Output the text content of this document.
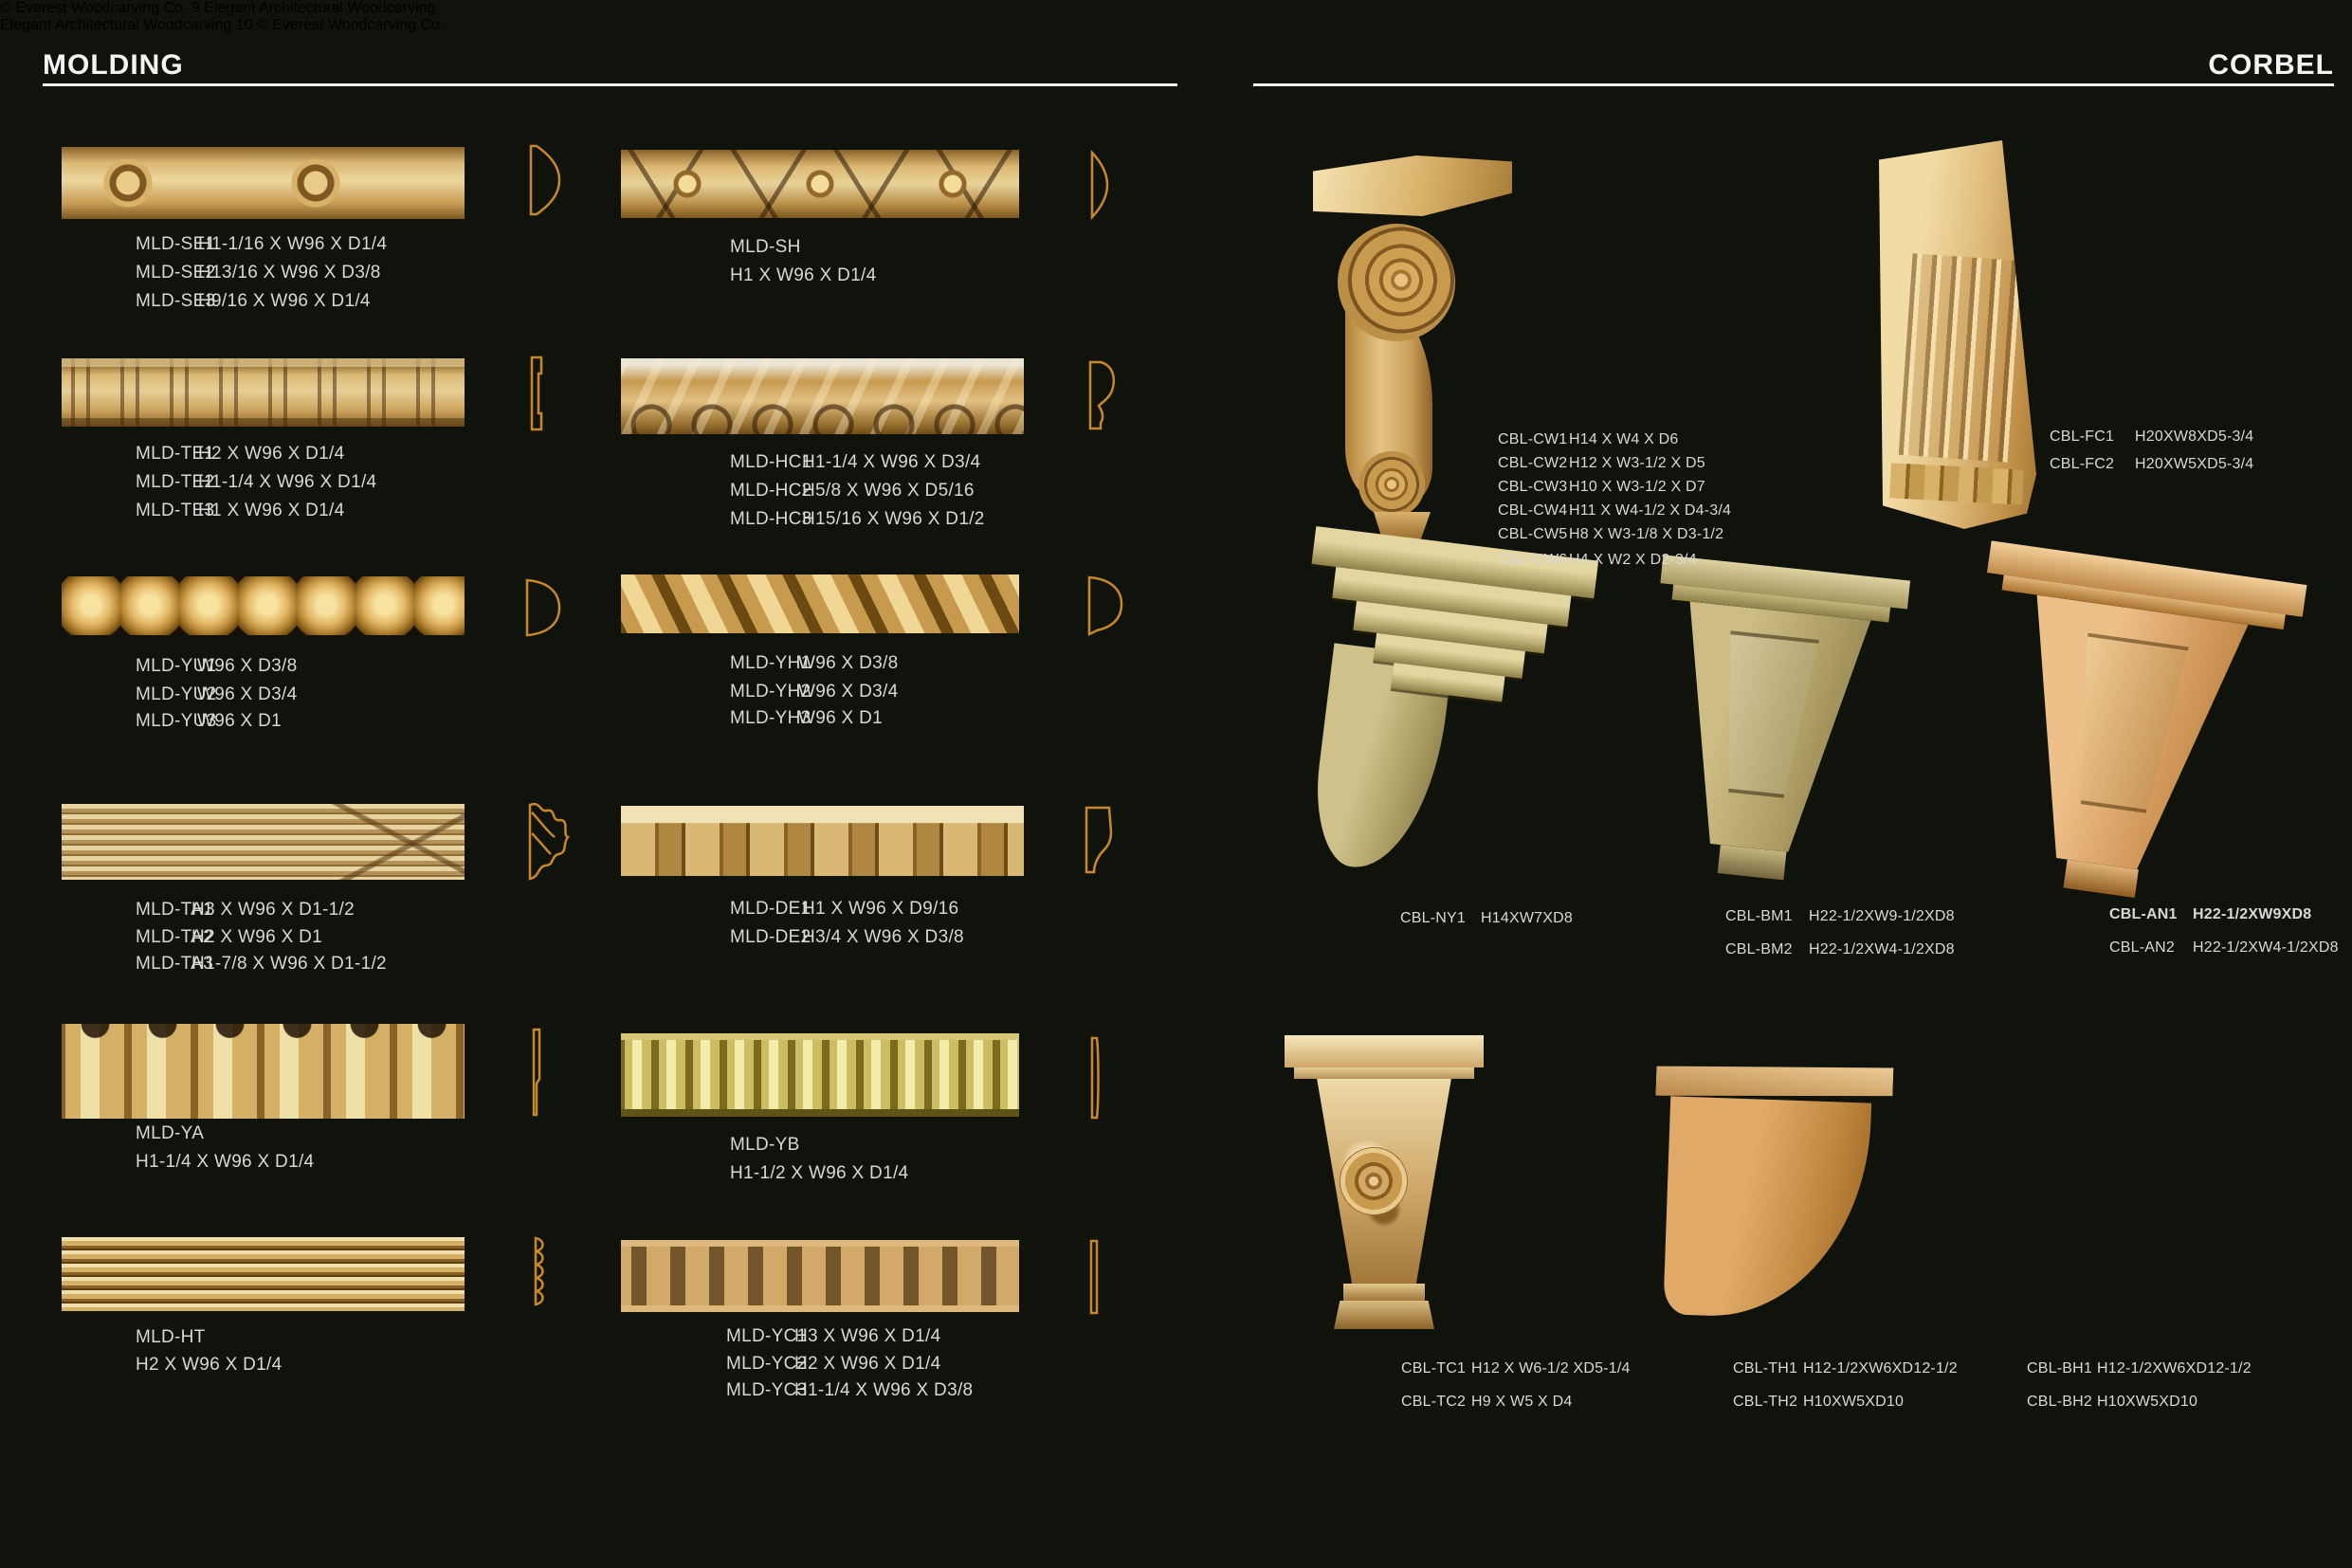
MOLDING
MLD-SE1
H1-1/16 X W96 X D1/4
MLD-SE2
H13/16 X W96 X D3/8
MLD-SE3
H9/16 X W96 X D1/4
MLD-SH
H1 X W96 X D1/4
MLD-TE1
H2 X W96 X D1/4
MLD-TE2
H1-1/4 X W96 X D1/4
MLD-TE3
H1 X W96 X D1/4
MLD-HC1
H1-1/4 X W96 X D3/4
MLD-HC2
H5/8 X W96 X D5/16
MLD-HC3
H15/16 X W96 X D1/2
MLD-YU1
W96 X D3/8
MLD-YU2
W96 X D3/4
MLD-YU3
W96 X D1
MLD-YH1
W96 X D3/8
MLD-YH2
W96 X D3/4
MLD-YH3
W96 X D1
MLD-TA1
H3 X W96 X D1-1/2
MLD-TA2
H2 X W96 X D1
MLD-TA3
H1-7/8 X W96 X D1-1/2
MLD-DE1
H1 X W96 X D9/16
MLD-DE2
H3/4 X W96 X D3/8
MLD-YA
H1-1/4 X W96 X D1/4
MLD-YB
H1-1/2 X W96 X D1/4
MLD-HT
H2 X W96 X D1/4
MLD-YC1
H3 X W96 X D1/4
MLD-YC2
H2 X W96 X D1/4
MLD-YC3
H1-1/4 X W96 X D3/8
© Everest Woodcarving Co. 9 Elegant Architectural Woodcarving
CORBEL
CBL-CW1 H14 X W4 X D6
CBL-CW2 H12 X W3-1/2 X D5
CBL-CW3 H10 X W3-1/2 X D7
CBL-CW4 H11 X W4-1/2 X D4-3/4
CBL-CW5 H8 X W3-1/8 X D3-1/2
CBL-CW6 H4 X W2 X D2-3/4
CBL-FC1 H20XW8XD5-3/4
CBL-FC2 H20XW5XD5-3/4
CBL-NY1 H14XW7XD8	CBL-BM1 H22-1/2XW9-1/2XD8
CBL-BM2 H22-1/2XW4-1/2XD8
CBL-AN1 H22-1/2XW9XD8
CBL-AN2 H22-1/2XW4-1/2XD8
CBL-TC1 H12 X W6-1/2 XD5-1/4
CBL-TC2 H9 X W5 X D4
CBL-TH1 H12-1/2XW6XD12-1/2
CBL-TH2 H10XW5XD10
CBL-BH1 H12-1/2XW6XD12-1/2
CBL-BH2 H10XW5XD10
Elegant Architectural Woodcarving 10 © Everest Woodcarving Co.
